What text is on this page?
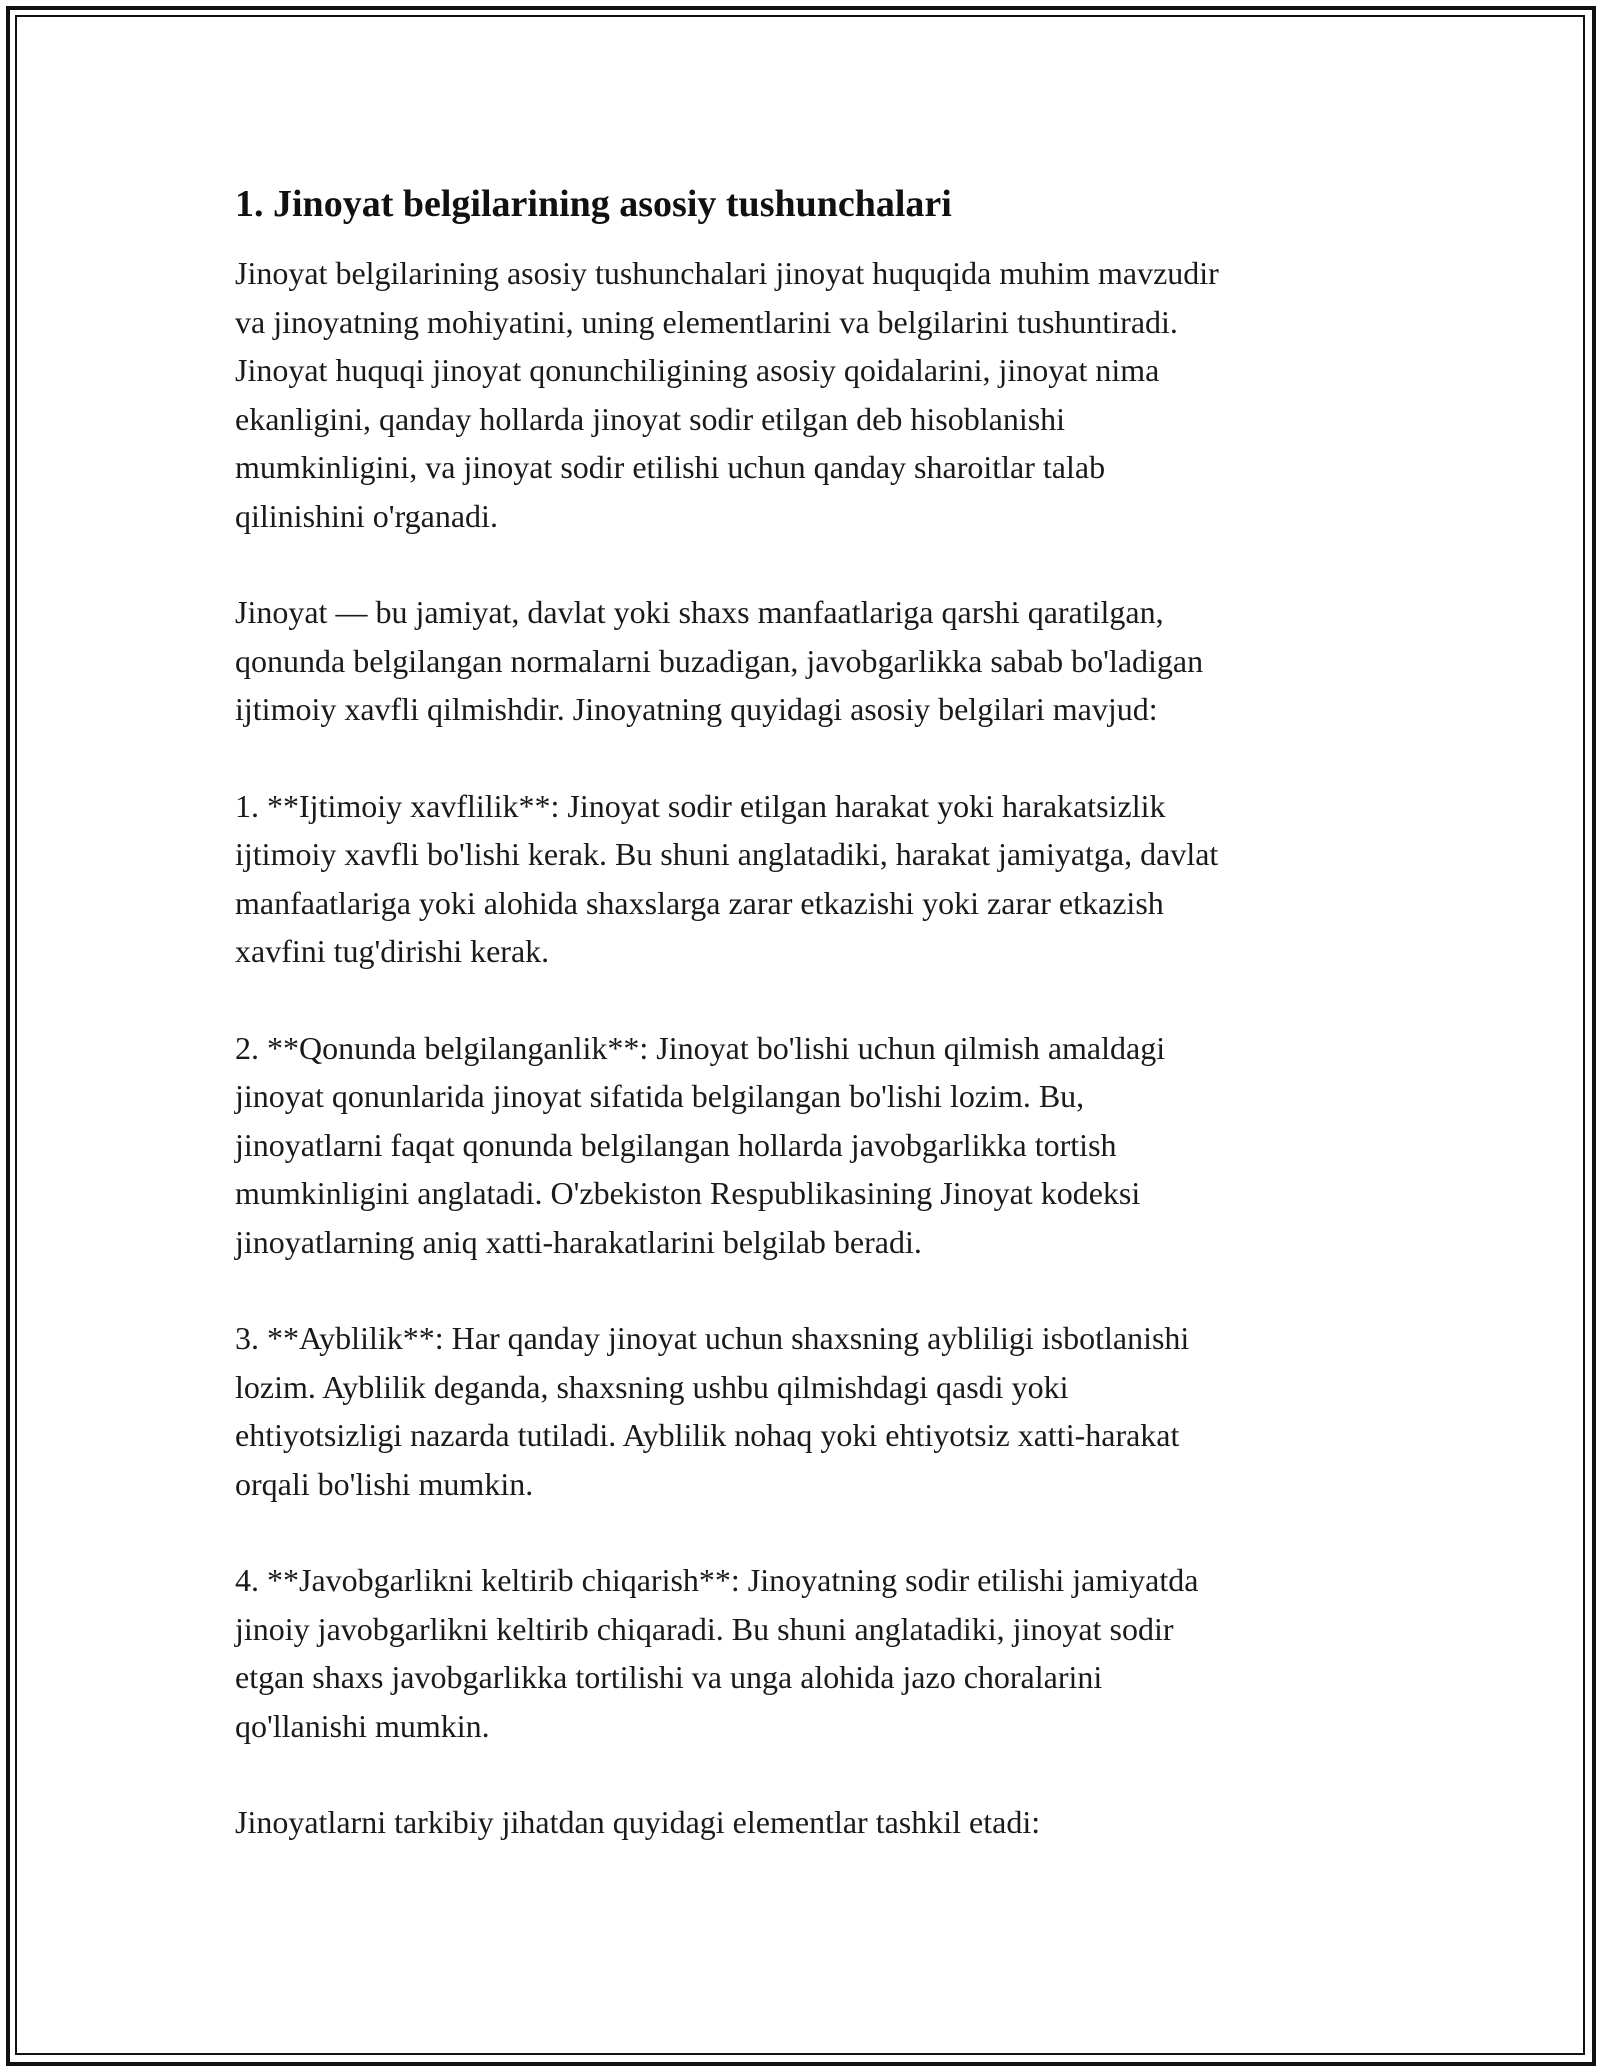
1. Jinoyat belgilarining asosiy tushunchalari

Jinoyat belgilarining asosiy tushunchalari jinoyat huquqida muhim mavzudir
va jinoyatning mohiyatini, uning elementlarini va belgilarini tushuntiradi.
Jinoyat huquqi jinoyat qonunchiligining asosiy qoidalarini, jinoyat nima
ekanligini, qanday hollarda jinoyat sodir etilgan deb hisoblanishi
mumkinligini, va jinoyat sodir etilishi uchun qanday sharoitlar talab
qilinishini o'rganadi.

Jinoyat — bu jamiyat, davlat yoki shaxs manfaatlariga qarshi qaratilgan,
qonunda belgilangan normalarni buzadigan, javobgarlikka sabab bo'ladigan
ijtimoiy xavfli qilmishdir. Jinoyatning quyidagi asosiy belgilari mavjud:

1. **Ijtimoiy xavflilik**: Jinoyat sodir etilgan harakat yoki harakatsizlik
ijtimoiy xavfli bo'lishi kerak. Bu shuni anglatadiki, harakat jamiyatga, davlat
manfaatlariga yoki alohida shaxslarga zarar etkazishi yoki zarar etkazish
xavfini tug'dirishi kerak.

2. **Qonunda belgilanganlik**: Jinoyat bo'lishi uchun qilmish amaldagi
jinoyat qonunlarida jinoyat sifatida belgilangan bo'lishi lozim. Bu,
jinoyatlarni faqat qonunda belgilangan hollarda javobgarlikka tortish
mumkinligini anglatadi. O'zbekiston Respublikasining Jinoyat kodeksi
jinoyatlarning aniq xatti-harakatlarini belgilab beradi.

3. **Ayblilik**: Har qanday jinoyat uchun shaxsning aybliligi isbotlanishi
lozim. Ayblilik deganda, shaxsning ushbu qilmishdagi qasdi yoki
ehtiyotsizligi nazarda tutiladi. Ayblilik nohaq yoki ehtiyotsiz xatti-harakat
orqali bo'lishi mumkin.

4. **Javobgarlikni keltirib chiqarish**: Jinoyatning sodir etilishi jamiyatda
jinoiy javobgarlikni keltirib chiqaradi. Bu shuni anglatadiki, jinoyat sodir
etgan shaxs javobgarlikka tortilishi va unga alohida jazo choralarini
qo'llanishi mumkin.

Jinoyatlarni tarkibiy jihatdan quyidagi elementlar tashkil etadi:
